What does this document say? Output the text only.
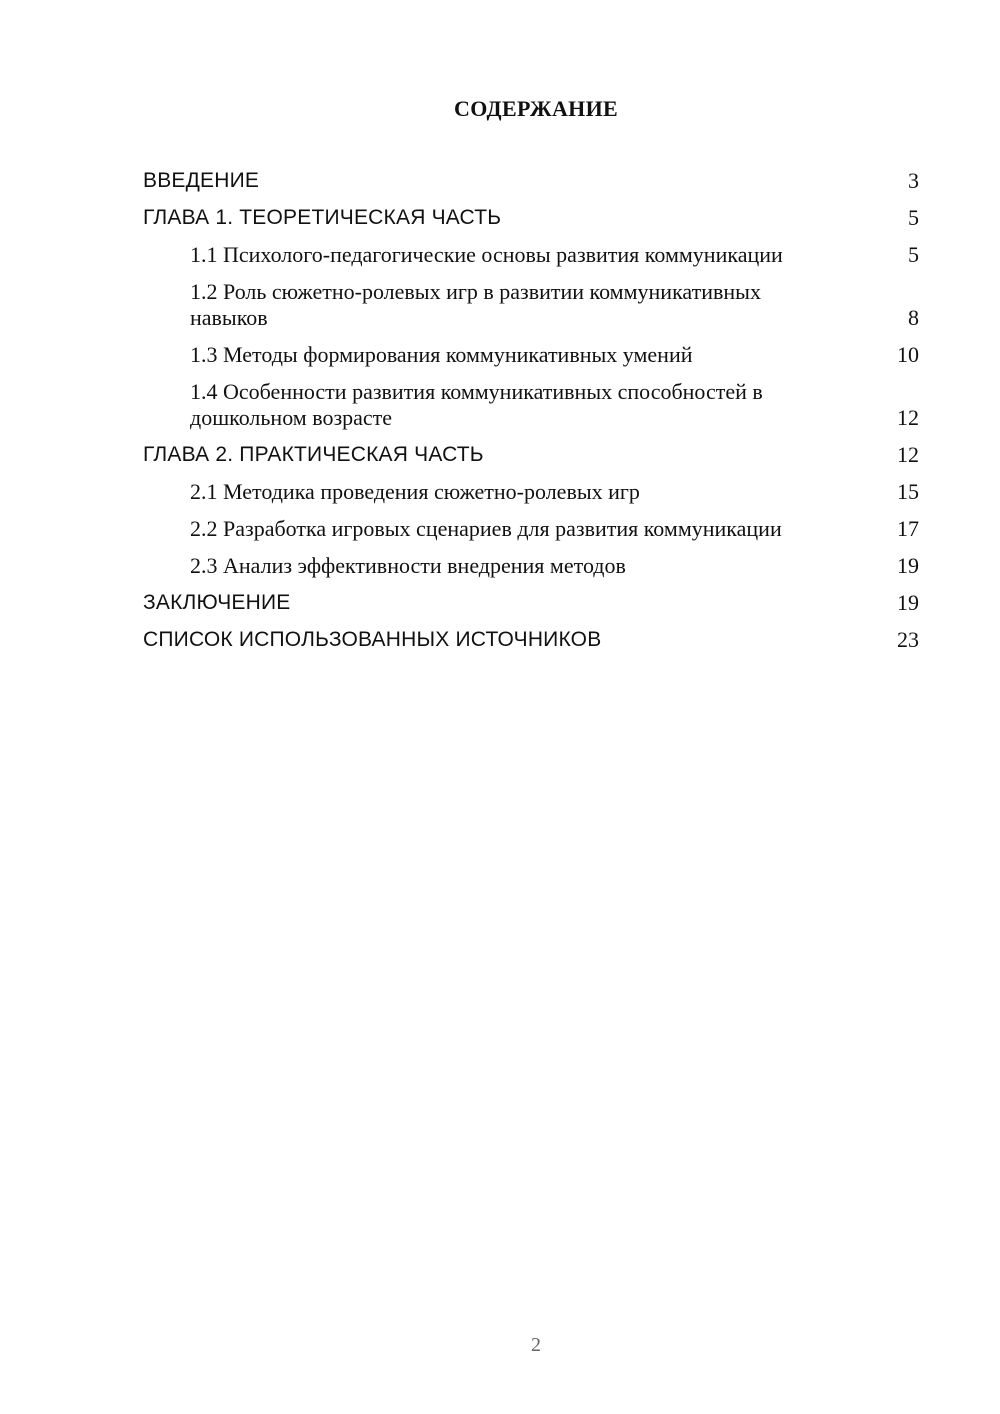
СОДЕРЖАНИЕ
ВВЕДЕНИЕ	3
ГЛАВА 1. ТЕОРЕТИЧЕСКАЯ ЧАСТЬ	5
1.1 Психолого-педагогические основы развития коммуникации	5
1.2 Роль сюжетно-ролевых игр в развитии коммуникативных навыков	8
1.3 Методы формирования коммуникативных умений	10
1.4 Особенности развития коммуникативных способностей в дошкольном возрасте	12
ГЛАВА 2. ПРАКТИЧЕСКАЯ ЧАСТЬ	12
2.1 Методика проведения сюжетно-ролевых игр	15
2.2 Разработка игровых сценариев для развития коммуникации	17
2.3 Анализ эффективности внедрения методов	19
ЗАКЛЮЧЕНИЕ	19
СПИСОК ИСПОЛЬЗОВАННЫХ ИСТОЧНИКОВ	23
2
